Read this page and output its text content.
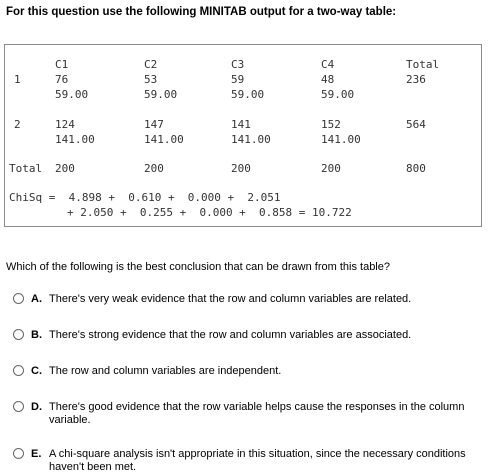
For this question use the following MINITAB output for a two-way table:
C1	C2	C3	C4	Total
1	76	53	59	48	236
59.00	59.00	59.00	59.00
2	124	147	141	152	564
141.00	141.00	141.00	141.00
Total 200	200	200	200	800
ChiSq =  4.898 +  0.610 +  0.000 +  2.051
+ 2.050 +  0.255 +  0.000 +  0.858 = 10.722
Which of the following is the best conclusion that can be drawn from this table?
A. There's very weak evidence that the row and column variables are related.
B. There's strong evidence that the row and column variables are associated.
C. The row and column variables are independent.
D. There's good evidence that the row variable helps cause the responses in the column variable.
E. A chi-square analysis isn't appropriate in this situation, since the necessary conditions haven't been met.
